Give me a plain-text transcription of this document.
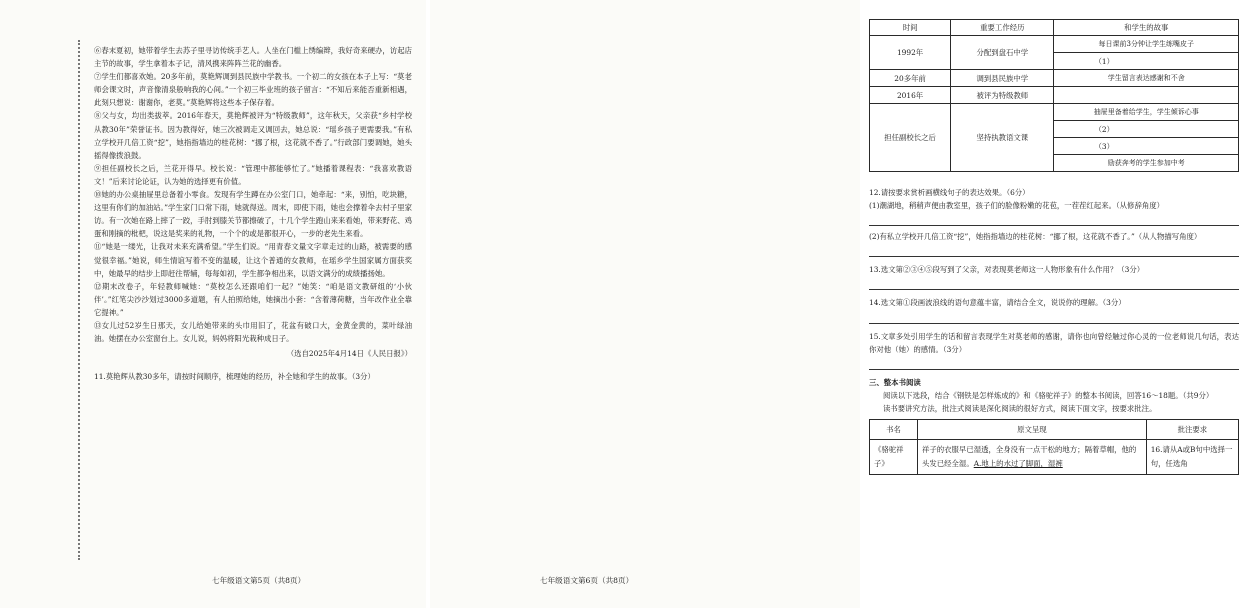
⑥春末夏初，她带着学生去苏子里寻访传统手艺人。人坐在门槛上绣编辫，我好奇来硬办，访起店主节的故事，学生拿着本子记，清风携来阵阵兰花的幽香。

⑦学生们都喜欢她。20多年前，莫艳辉调到县民族中学教书。一个初二的女孩在本子上写：“莫老师会课文时，声音像清泉般响我的心间。”一个初三毕业班的孩子留言：“不知后来能否重新相遇，此刻只想说：谢谢你，老莫。”莫艳辉将这些本子保存着。

⑧父与女，均出类拔萃。2016年春天，莫艳辉被评为“特级教师”，这年秋天，父亲获“乡村学校从教30年”荣誉证书。因为教得好，她三次被调走又调回去，她总说：“瑶乡孩子更需要我。”有私立学校开几倍工资“挖”，她指指墙边的桂花树：“挪了根，这花就不香了。”行政部门要调她，她头摇得像拨浪鼓。

⑨担任副校长之后，兰花开得早。校长说：“管理中都能够忙了。”她播着课程表：“我喜欢教语文！”后来讨论论证，认为她的选择更有价值。

⑩她的办公桌抽屉里总备着小零食。发现有学生蹲在办公室门口，她牵起：“来，别怕，吃块糖，这里有你们的加油站。”学生家门口常下雨，她就得送。周末，即使下雨，她也会撑着伞去村子里家访。有一次她在路上摔了一跤，手肘到膝关节都擦破了，十几个学生跑山来来看她，带来野花、鸡蛋和刚摘的枇杷，说这是奖来的礼物，一个个的或是都很开心，一步的老先生来看。

⑪“她是一缕光，让我对未来充满希望。”学生们说。“用青春文量文字章走过的山路，被需要的感觉很幸福。”她说，师生情谊写着不变的温暖，让这个普通的女教师，在瑶乡学生国家属方面获奖中，她最早的结步上即赶往帮辅，每每如初，学生都争相出来，以语文满分的成绩播扬她。

⑫期末改卷子，年轻教师喊她：“莫校怎么还跟咱们一起？”她笑：“咱是语文教研组的‘小伙伴’。”红笔尖沙沙划过3000多道题，有人拍照给她，她摘出小套：“含着薄荷糖，当年改作业全靠它提神。”

⑬女儿过52岁生日那天，女儿给她带来的头巾用旧了，花盆有破口大，金黄金黄的，菜叶绿油油。她摆在办公室窗台上。女儿说，妈妈将阳光栽种成日子。

（选自2025年4月14日《人民日报》）

11.莫艳辉从教30多年，请按时间顺序，梳理她的经历，补全她和学生的故事。（3分）

七年级语文第5页（共8页）
时间	重要工作经历	和学生的故事
1992年	分配到盘石中学	每日课前3分钟让学生练嘴皮子
		（1）
20多年前	调到县民族中学	学生留言表达感谢和不舍
2016年	被评为特级教师	
担任副校长之后	坚持执教语文课	抽屉里备着给学生，学生倾诉心事
		（2）
		（3）
		励获奔考的学生参加中考

12.请按要求赏析画横线句子的表达效果。（6分）

(1)潮湖地，稍稍声便由教室里，孩子们的脸像粉嫩的花苞，一茬茬红起来。（从修辞角度）

(2)有私立学校开几倍工资“挖”，她指指墙边的桂花树：“挪了根，这花就不香了。”（从人物描写角度）

13.选文第②③④⑤段写到了父亲，对表现莫老师这一人物形象有什么作用？（3分）

14.选文第①段画波浪线的语句意蕴丰富，请结合全文，说说你的理解。（3分）

15.文章多处引用学生的话和留言表现学生对莫老师的感谢，请你也向曾经触过你心灵的一位老师说几句话，表达你对他（她）的感情。（3分）

三、整本书阅读

阅读以下选段，结合《钢铁是怎样炼成的》和《骆驼祥子》的整本书阅读，回答16～18题。（共9分）

读书要讲究方法，批注式阅读是深化阅读的很好方式，阅读下面文字，按要求批注。

书名	原文呈现	批注要求
《骆驼祥子》	祥子的衣服早已湿透，全身没有一点干松的地方；隔着草帽，他的头发已经全湿。A.地上的水过了脚面，湿裤	16.请从A或B句中选择一句，任选角
七年级语文第6页（共8页）
